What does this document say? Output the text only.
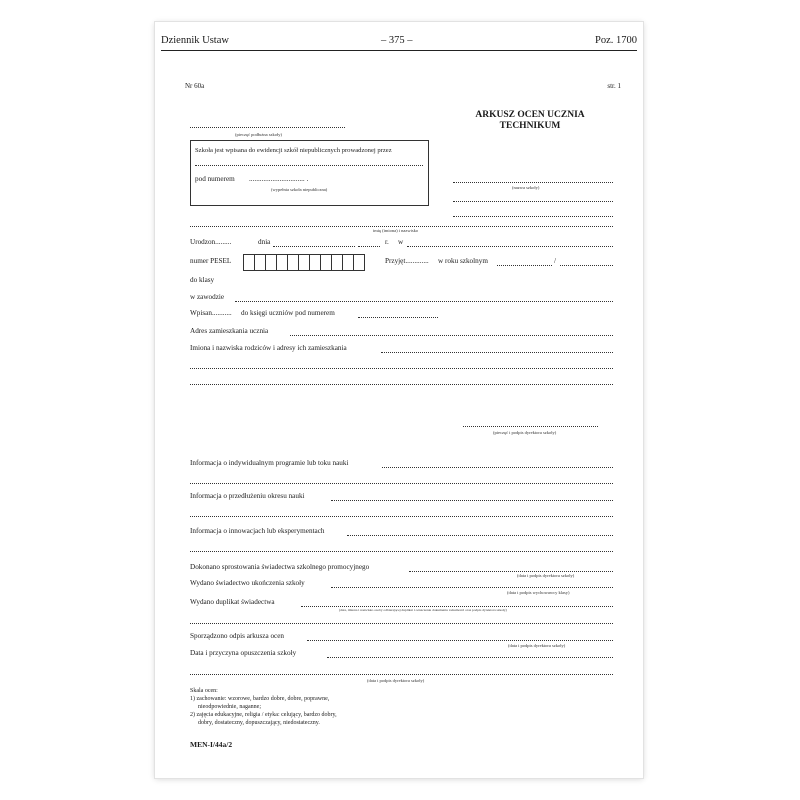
Dziennik Ustaw	– 375 –	Poz. 1700
Nr 60a	str. 1
(pieczęć podłużna szkoły)
ARKUSZ OCEN UCZNIA
TECHNIKUM
(nazwa szkoły)
Szkoła jest wpisana do ewidencji szkół niepublicznych prowadzonej przez
pod numerem ............................... .
(wypełnia szkoła niepubliczna)
imię (imiona) i nazwisko
Urodzon.........	dnia	r. w
numer PESEL	Przyjęt............. w roku szkolnym	/
do klasy
w zawodzie
Wpisan........... do księgi uczniów pod numerem
Adres zamieszkania ucznia
Imiona i nazwiska rodziców i adresy ich zamieszkania
(pieczęć i podpis dyrektora szkoły)
Informacja o indywidualnym programie lub toku nauki
Informacja o przedłużeniu okresu nauki
Informacja o innowacjach lub eksperymentach
Dokonano sprostowania świadectwa szkolnego promocyjnego
(data i podpis dyrektora szkoły)
Wydano świadectwo ukończenia szkoły
(data i podpis wychowawcy klasy)
Wydano duplikat świadectwa
(data, imiona i nazwisko osoby odbierającej duplikat i oznaczenie dokumentu tożsamości oraz podpis dyrektora szkoły)
Sporządzono odpis arkusza ocen
(data i podpis dyrektora szkoły)
Data i przyczyna opuszczenia szkoły
(data i podpis dyrektora szkoły)
Skala ocen:
1) zachowanie: wzorowe, bardzo dobre, dobre, poprawne,
nieodpowiednie, naganne;
2) zajęcia edukacyjne, religia / etyka: celujący, bardzo dobry,
dobry, dostateczny, dopuszczający, niedostateczny.
MEN-I/44a/2
